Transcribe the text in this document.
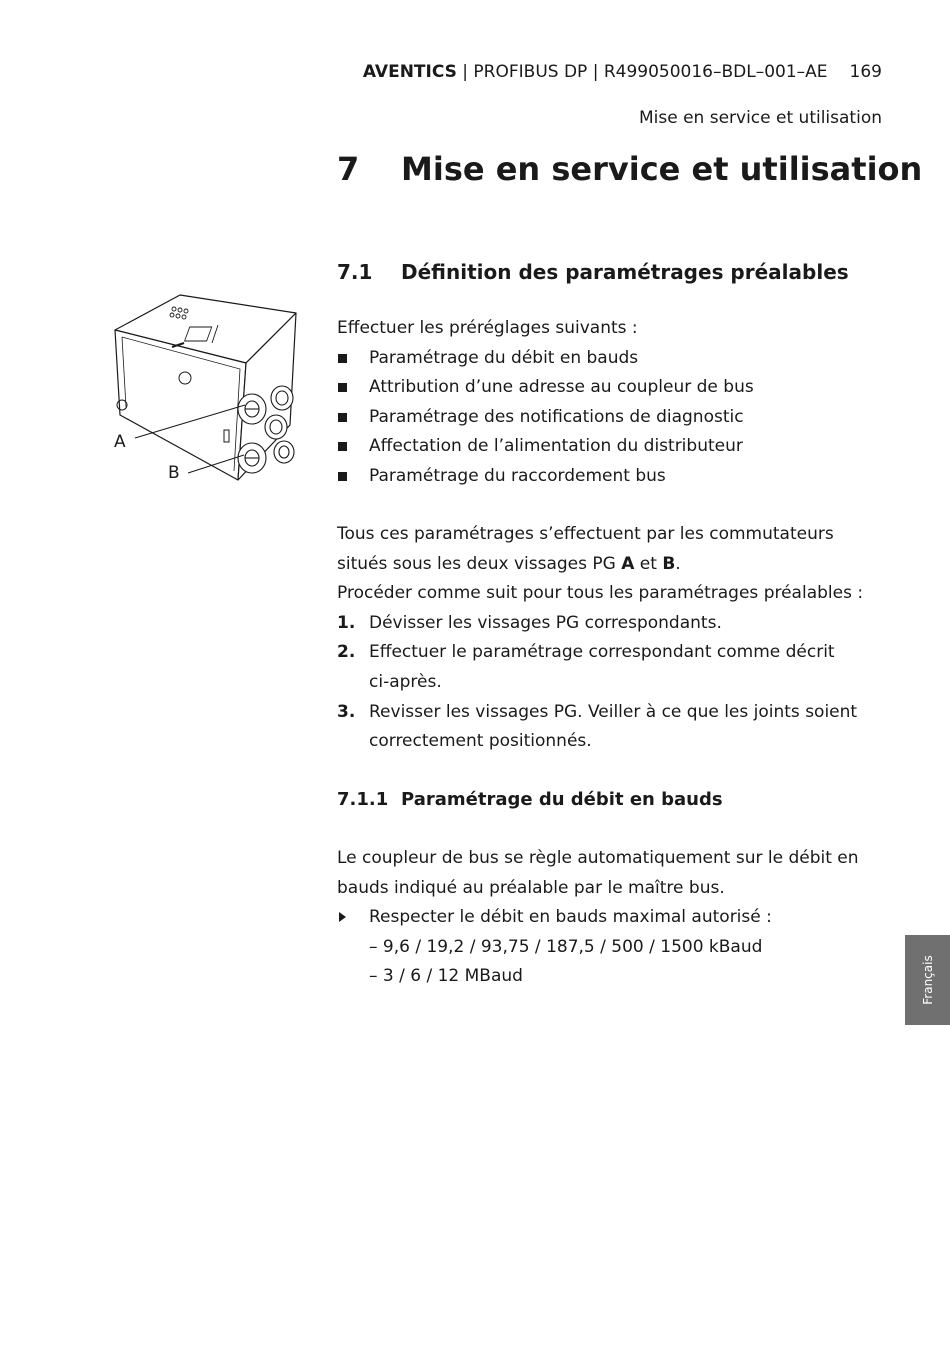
AVENTICS | PROFIBUS DP | R499050016–BDL–001–AE 169
Mise en service et utilisation
7 Mise en service et utilisation
7.1 Définition des paramétrages préalables
A
B
Effectuer les préréglages suivants :
Paramétrage du débit en bauds
Attribution d’une adresse au coupleur de bus
Paramétrage des notifications de diagnostic
Affectation de l’alimentation du distributeur
Paramétrage du raccordement bus
Tous ces paramétrages s’effectuent par les commutateurs
situés sous les deux vissages PG A et B.
Procéder comme suit pour tous les paramétrages préalables :
1. Dévisser les vissages PG correspondants.
2. Effectuer le paramétrage correspondant comme décrit
ci-après.
3. Revisser les vissages PG. Veiller à ce que les joints soient
correctement positionnés.
7.1.1 Paramétrage du débit en bauds
Le coupleur de bus se règle automatiquement sur le débit en
bauds indiqué au préalable par le maître bus.
Respecter le débit en bauds maximal autorisé :
– 9,6 / 19,2 / 93,75 / 187,5 / 500 / 1500 kBaud
– 3 / 6 / 12 MBaud	Français
